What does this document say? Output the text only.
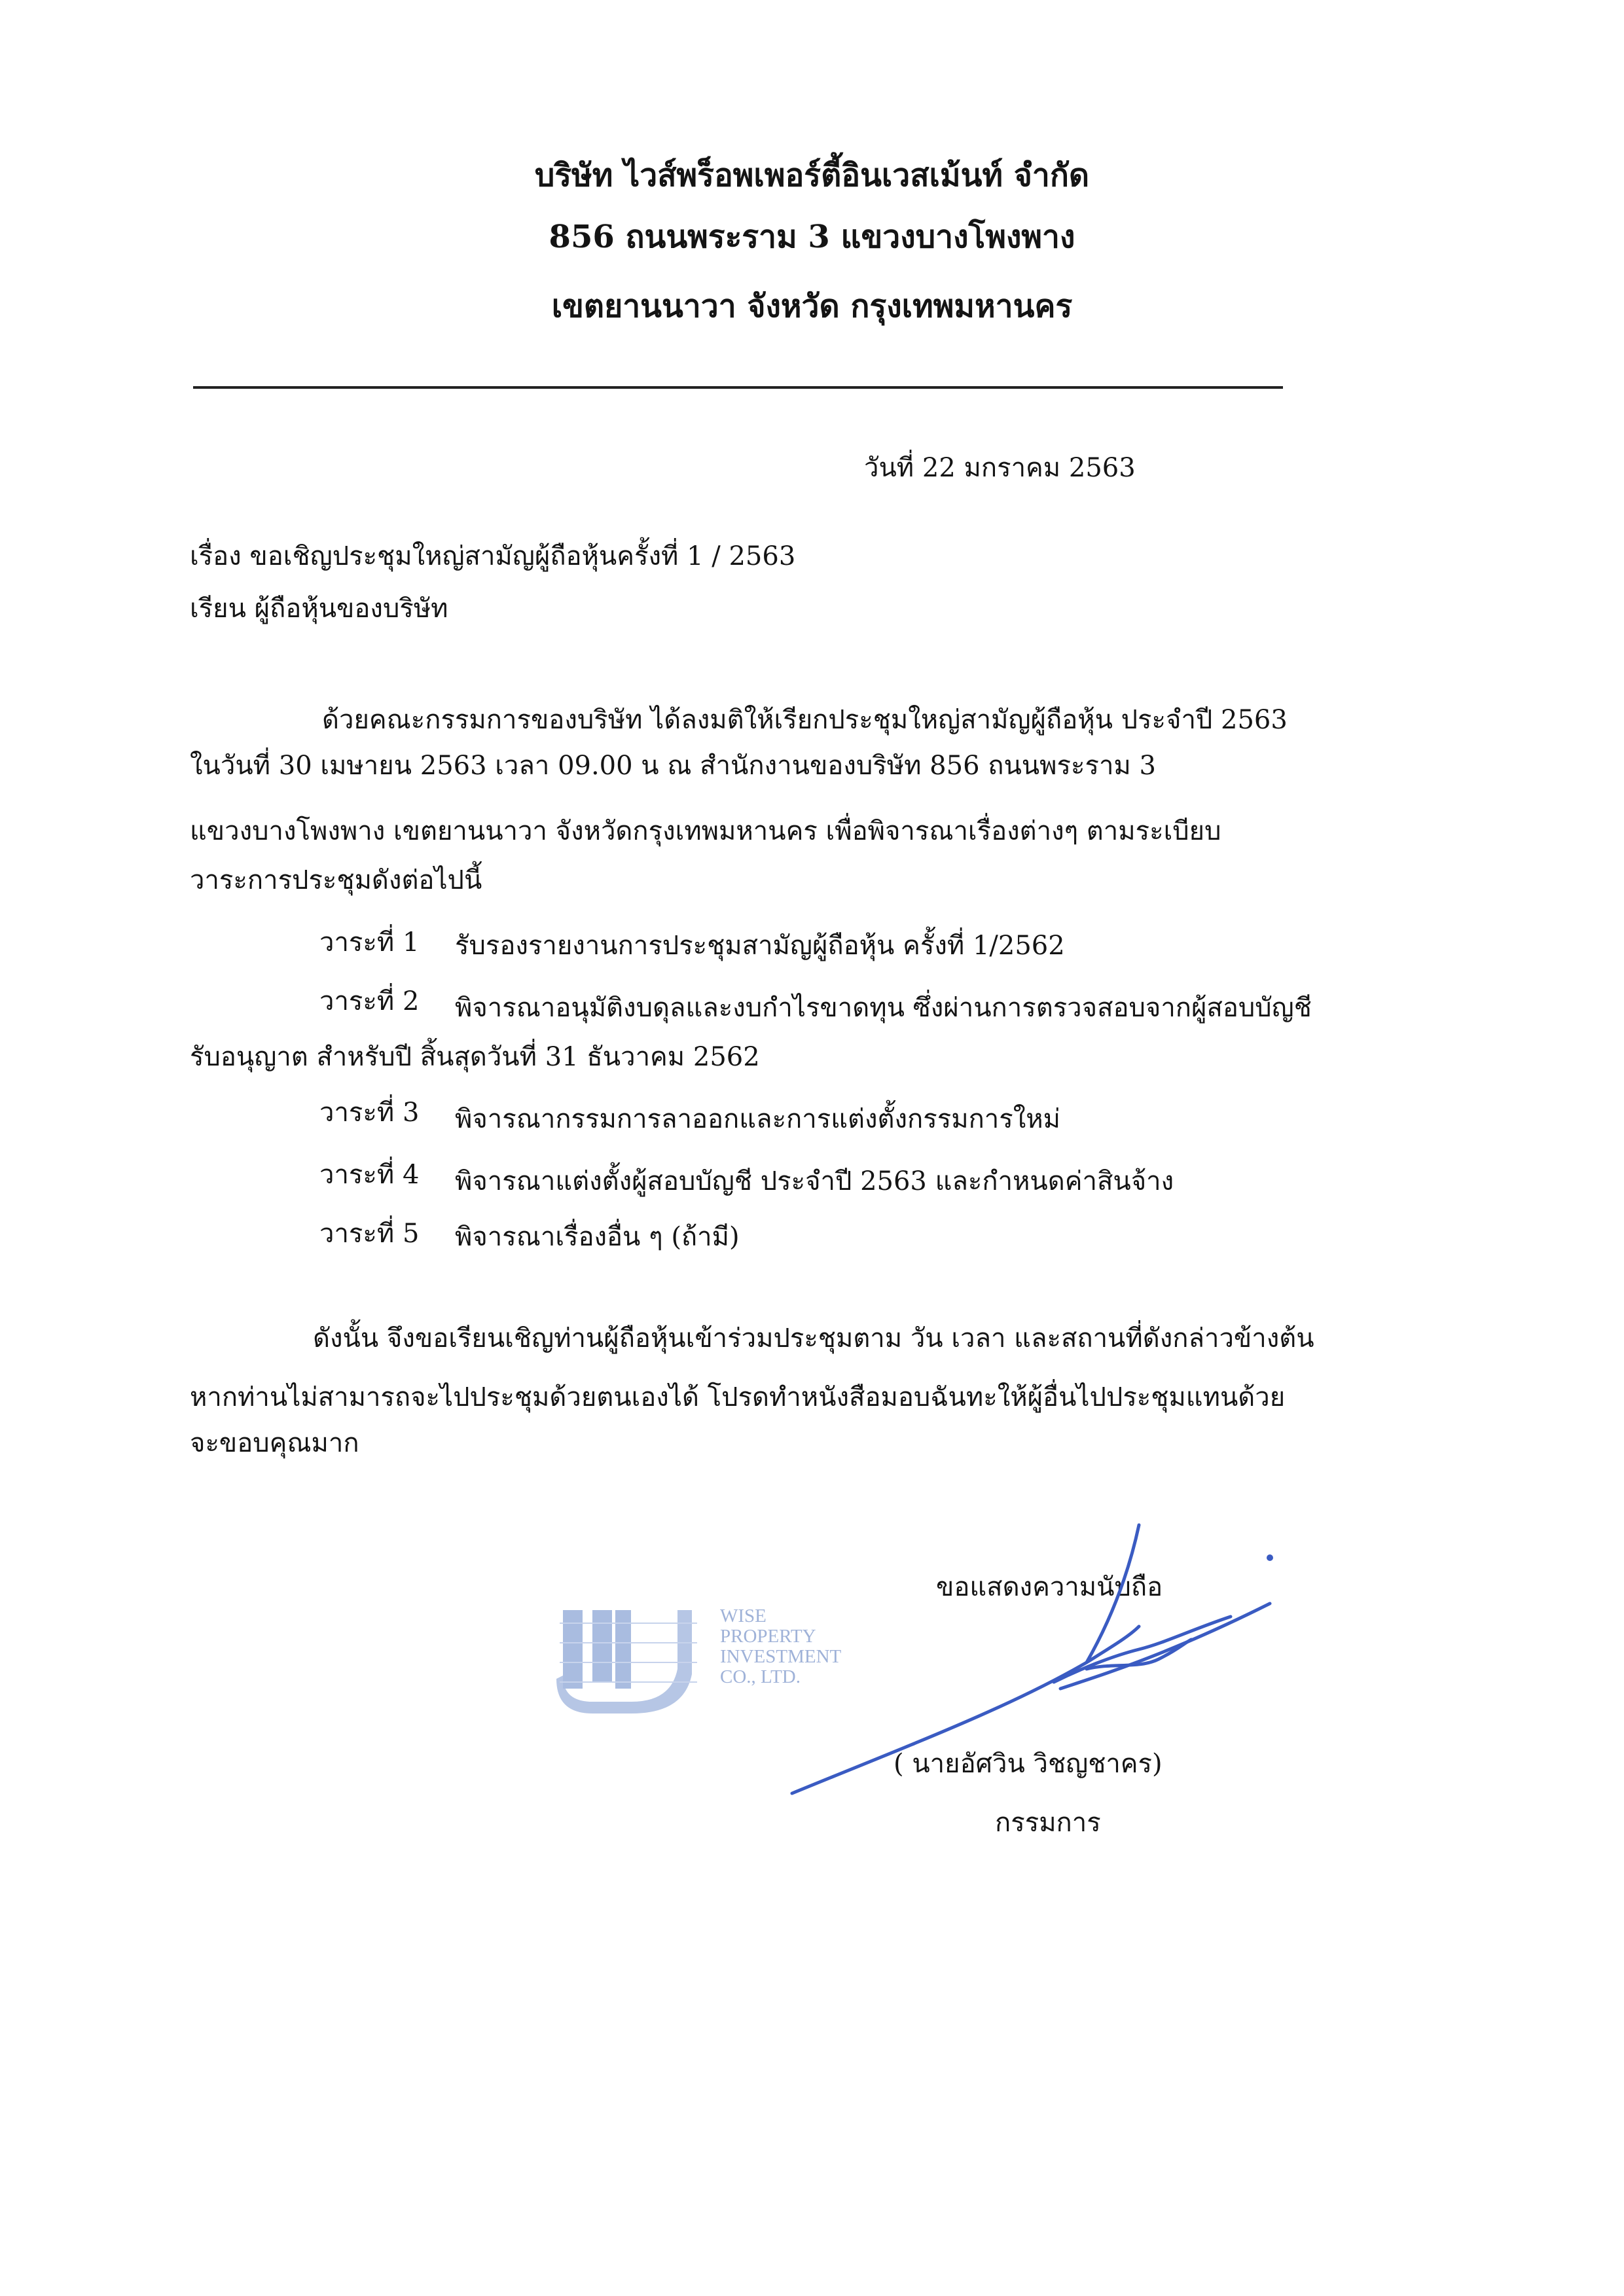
บริษัท ไวส์พร็อพเพอร์ตี้อินเวสเม้นท์ จำกัด
856 ถนนพระราม 3 แขวงบางโพงพาง
เขตยานนาวา จังหวัด กรุงเทพมหานคร
วันที่ 22 มกราคม 2563
เรื่อง ขอเชิญประชุมใหญ่สามัญผู้ถือหุ้นครั้งที่ 1 / 2563
เรียน ผู้ถือหุ้นของบริษัท
ด้วยคณะกรรมการของบริษัท ได้ลงมติให้เรียกประชุมใหญ่สามัญผู้ถือหุ้น ประจำปี 2563
ในวันที่ 30 เมษายน 2563 เวลา 09.00 น ณ สำนักงานของบริษัท 856 ถนนพระราม 3
แขวงบางโพงพาง เขตยานนาวา จังหวัดกรุงเทพมหานคร เพื่อพิจารณาเรื่องต่างๆ ตามระเบียบ
วาระการประชุมดังต่อไปนี้
วาระที่ 1 รับรองรายงานการประชุมสามัญผู้ถือหุ้น ครั้งที่ 1/2562
วาระที่ 2 พิจารณาอนุมัติงบดุลและงบกำไรขาดทุน ซึ่งผ่านการตรวจสอบจากผู้สอบบัญชี
รับอนุญาต สำหรับปี สิ้นสุดวันที่ 31 ธันวาคม 2562
วาระที่ 3 พิจารณากรรมการลาออกและการแต่งตั้งกรรมการใหม่
วาระที่ 4 พิจารณาแต่งตั้งผู้สอบบัญชี ประจำปี 2563 และกำหนดค่าสินจ้าง
วาระที่ 5 พิจารณาเรื่องอื่น ๆ (ถ้ามี)
ดังนั้น จึงขอเรียนเชิญท่านผู้ถือหุ้นเข้าร่วมประชุมตาม วัน เวลา และสถานที่ดังกล่าวข้างต้น
หากท่านไม่สามารถจะไปประชุมด้วยตนเองได้ โปรดทำหนังสือมอบฉันทะให้ผู้อื่นไปประชุมแทนด้วย
จะขอบคุณมาก
ขอแสดงความนับถือ
WISE
PROPERTY
INVESTMENT
CO., LTD.
( นายอัศวิน วิชญชาคร)
กรรมการ
